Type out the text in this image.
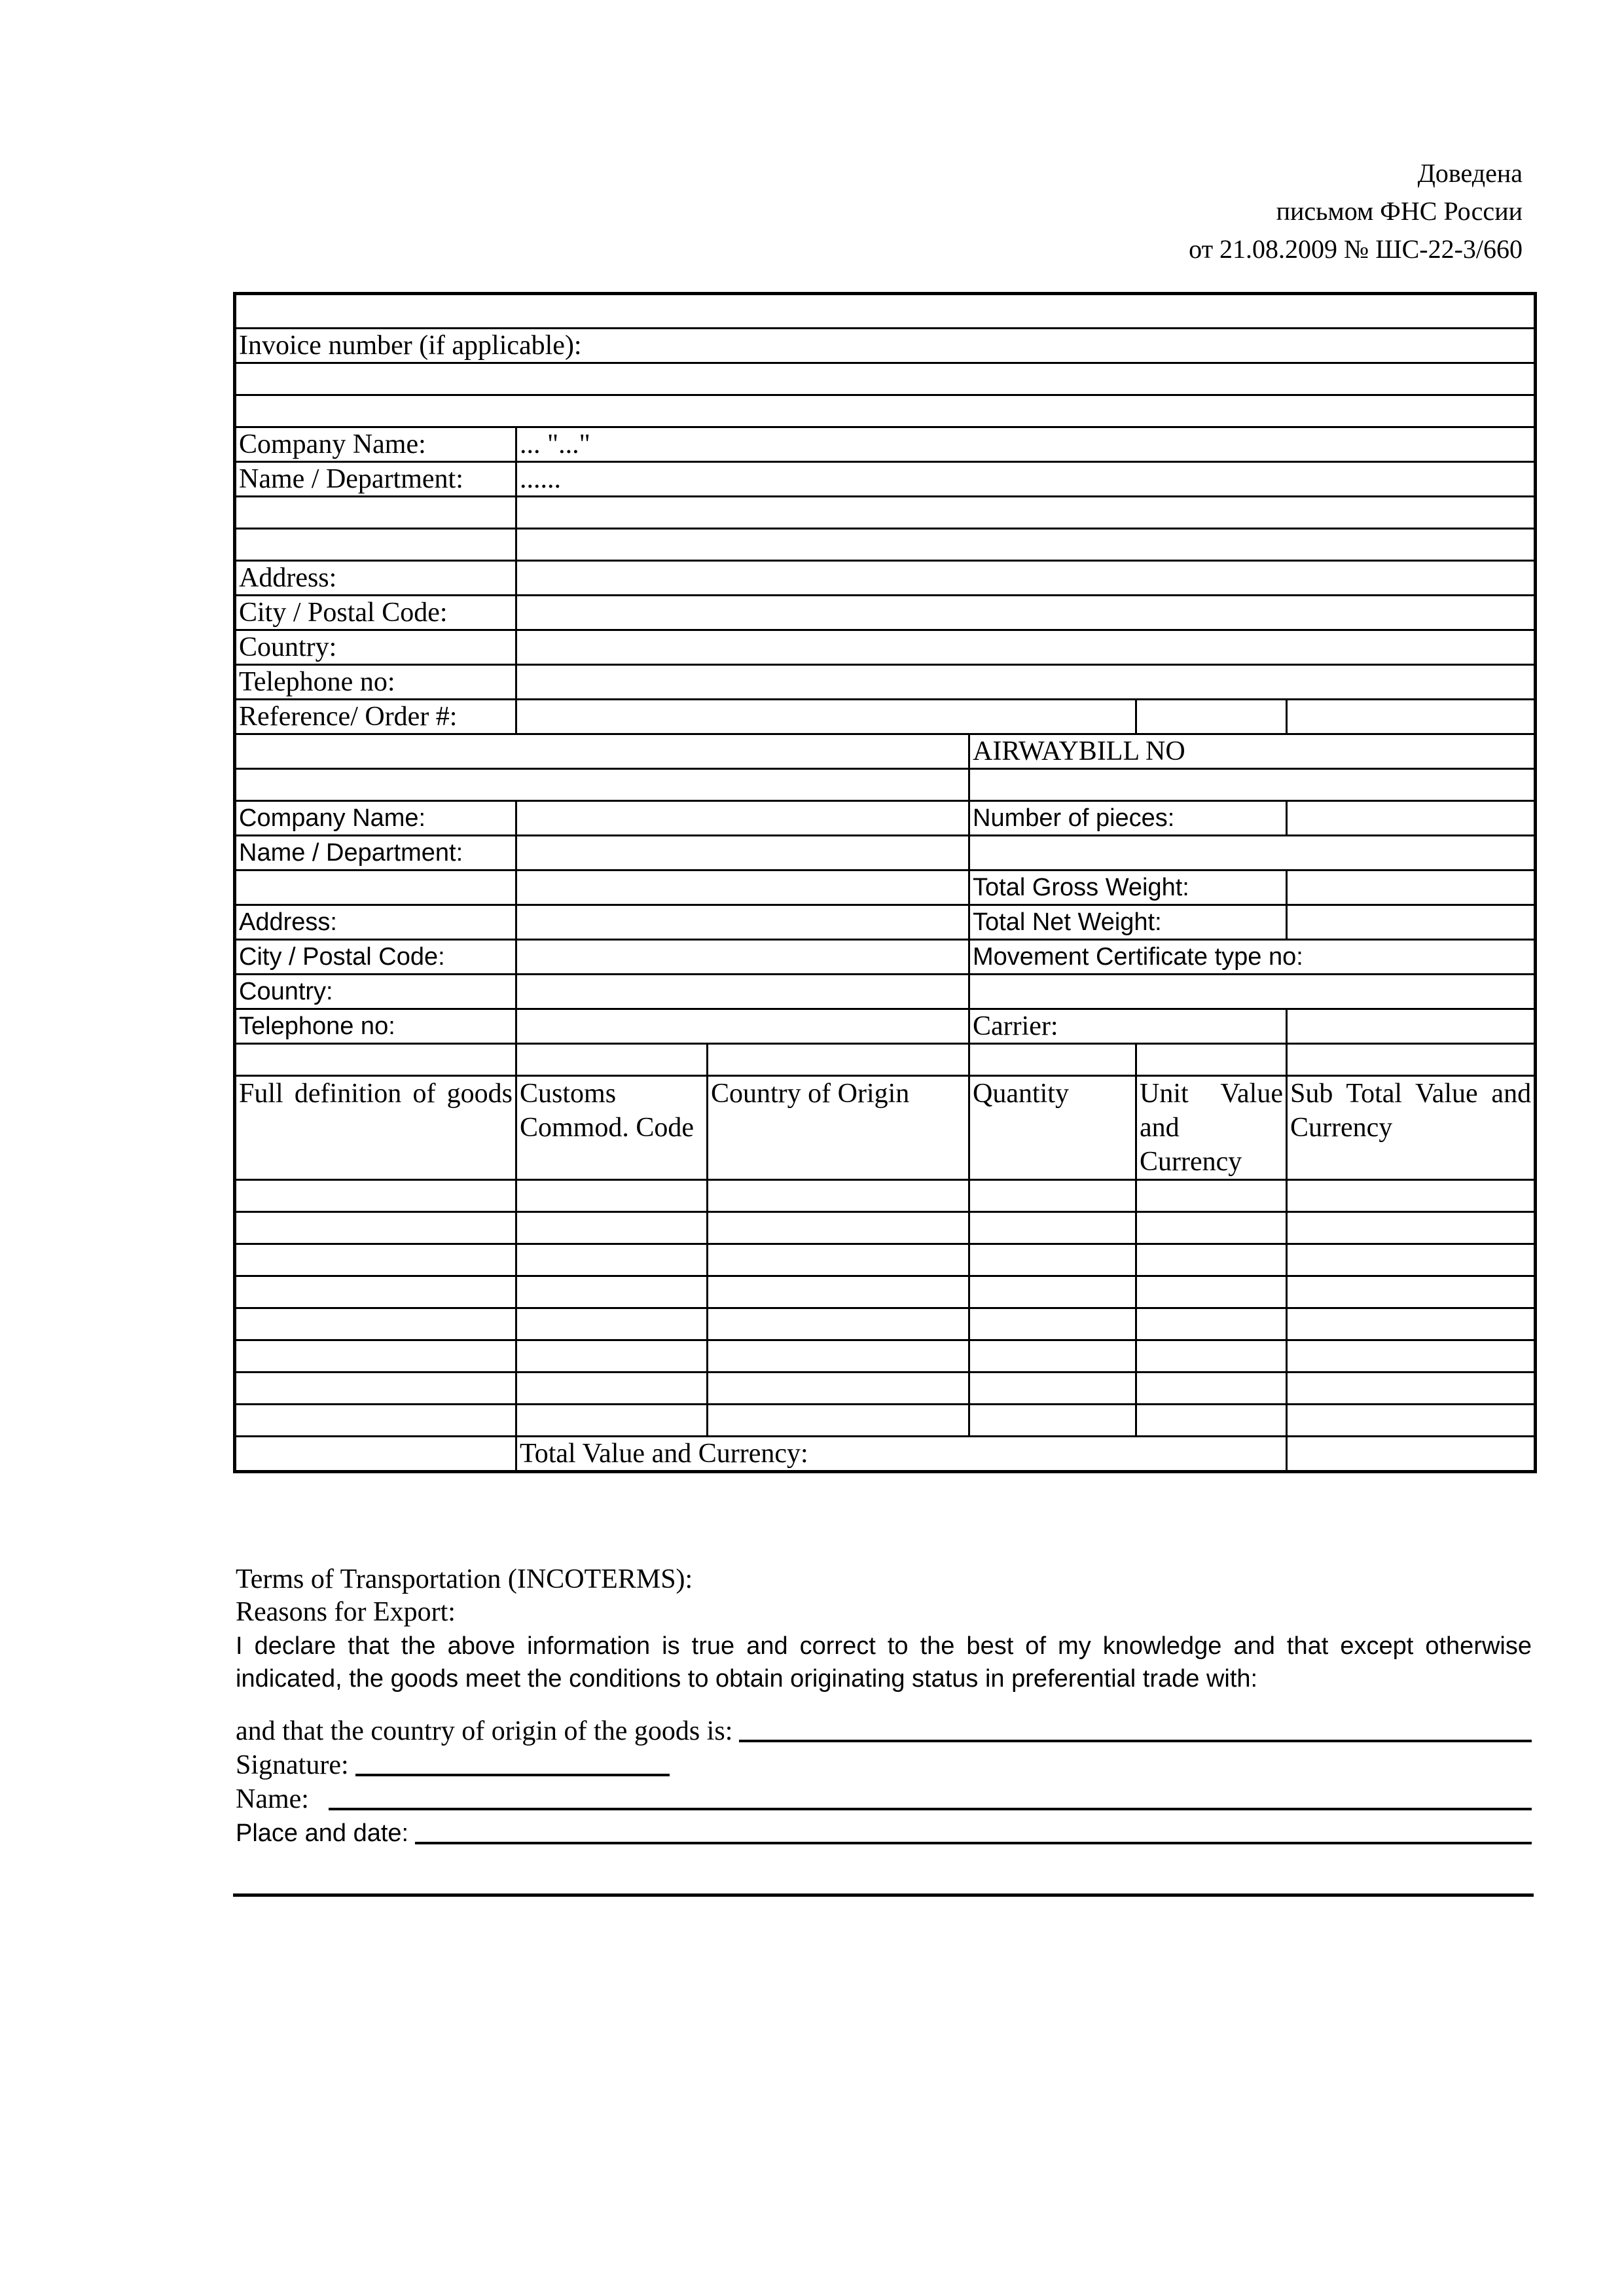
Доведена
письмом ФНС России
от 21.08.2009 № ШС-22-3/660

Invoice number (if applicable):					

Company Name:	... "..."				
Name / Department:	......				

Address:					
City / Postal Code:					
Country:					
Telephone no:					
Reference/ Order #:					
			AIRWAYBILL NO		

Company Name:			Number of pieces:		
Name / Department:					
			Total Gross Weight:		
Address:			Total Net Weight:		
City / Postal Code:			Movement Certificate type no:		
Country:					
Telephone no:			Carrier:		

Full definition of goods	Customs Commod. Code	Country of Origin	Quantity	Unit Value and Currency	Sub Total Value and Currency

	Total Value and Currency:				
Terms of Transportation (INCOTERMS):
Reasons for Export:
I declare that the above information is true and correct to the best of my knowledge and that except otherwise indicated, the goods meet the conditions to obtain originating status in preferential trade with:
and that the country of origin of the goods is:
Signature:
Name:
Place and date:
